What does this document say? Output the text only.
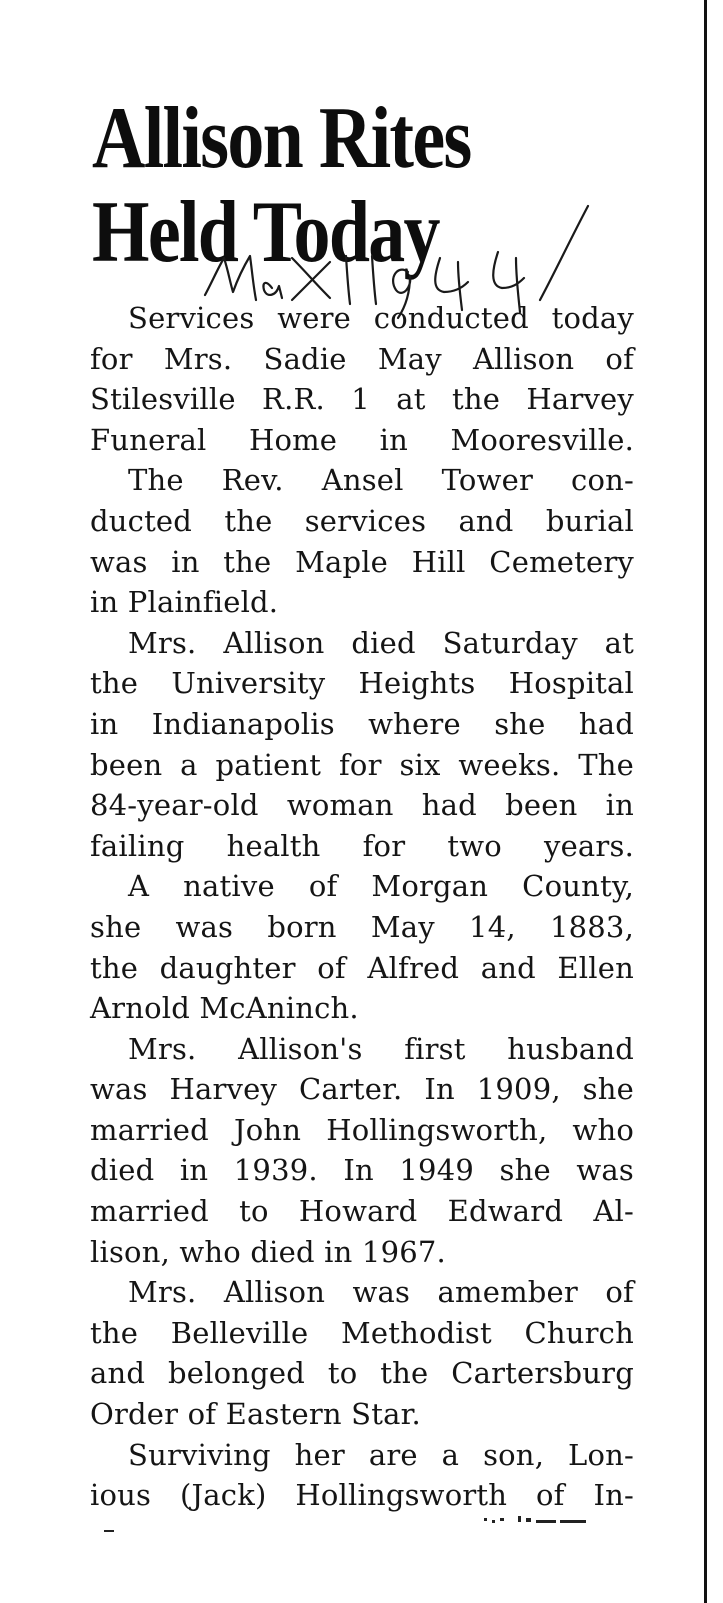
Allison Rites
Held Today
Services were conducted today
for Mrs. Sadie May Allison of
Stilesville R.R. 1 at the Harvey
Funeral Home in Mooresville.
The Rev. Ansel Tower con-
ducted the services and burial
was in the Maple Hill Cemetery
in Plainfield.
Mrs. Allison died Saturday at
the University Heights Hospital
in Indianapolis where she had
been a patient for six weeks. The
84-year-old woman had been in
failing health for two years.
A native of Morgan County,
she was born May 14, 1883,
the daughter of Alfred and Ellen
Arnold McAninch.
Mrs. Allison's first husband
was Harvey Carter. In 1909, she
married John Hollingsworth, who
died in 1939. In 1949 she was
married to Howard Edward Al-
lison, who died in 1967.
Mrs. Allison was amember of
the Belleville Methodist Church
and belonged to the Cartersburg
Order of Eastern Star.
Surviving her are a son, Lon-
ious (Jack) Hollingsworth of In-
